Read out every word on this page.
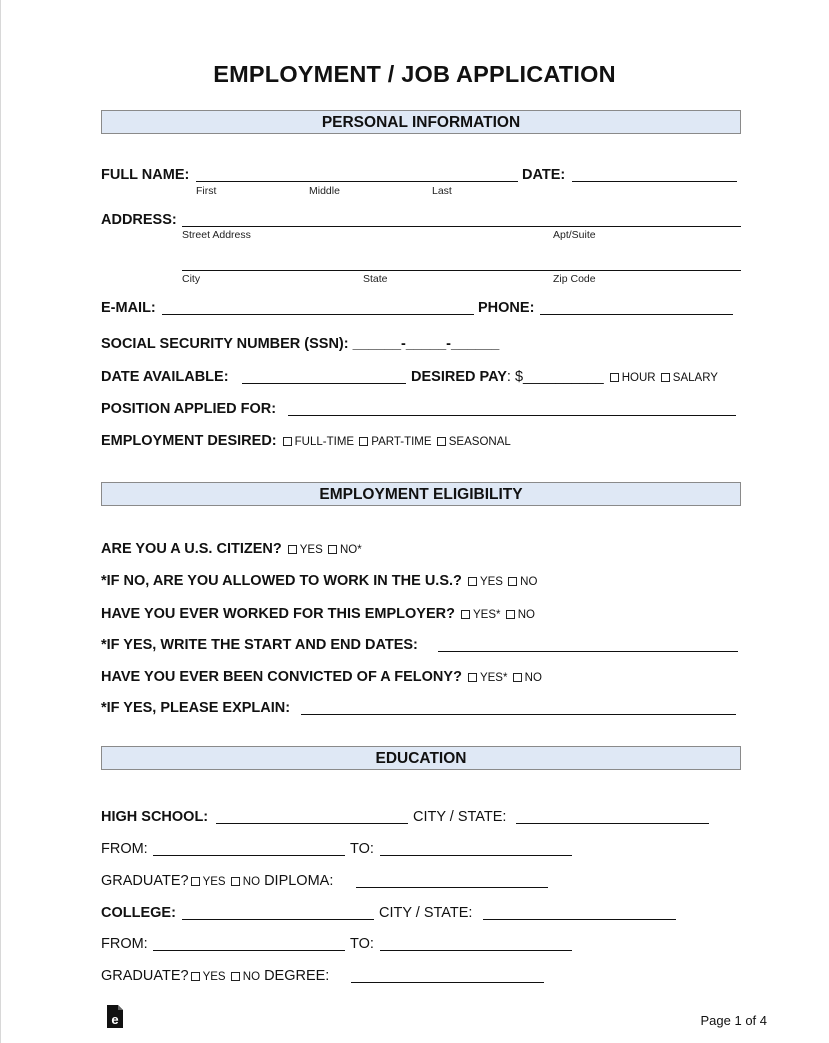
EMPLOYMENT / JOB APPLICATION
PERSONAL INFORMATION
FULL NAME:
First	Middle	Last
DATE:
ADDRESS:
Street Address	Apt/Suite
City	State	Zip Code
E-MAIL:	PHONE:
SOCIAL SECURITY NUMBER (SSN): ______-_____-______
DATE AVAILABLE:	DESIRED PAY: $__________ HOUR SALARY
POSITION APPLIED FOR:
EMPLOYMENT DESIRED: FULL-TIME PART-TIME SEASONAL
EMPLOYMENT ELIGIBILITY
ARE YOU A U.S. CITIZEN? YES NO*
*IF NO, ARE YOU ALLOWED TO WORK IN THE U.S.? YES NO
HAVE YOU EVER WORKED FOR THIS EMPLOYER? YES* NO
*IF YES, WRITE THE START AND END DATES:
HAVE YOU EVER BEEN CONVICTED OF A FELONY? YES* NO
*IF YES, PLEASE EXPLAIN:
EDUCATION
HIGH SCHOOL:	CITY / STATE:
FROM:	TO:
GRADUATE? YES NO DIPLOMA:
COLLEGE:	CITY / STATE:
FROM:	TO:
GRADUATE? YES NO DEGREE:
e	Page 1 of 4
